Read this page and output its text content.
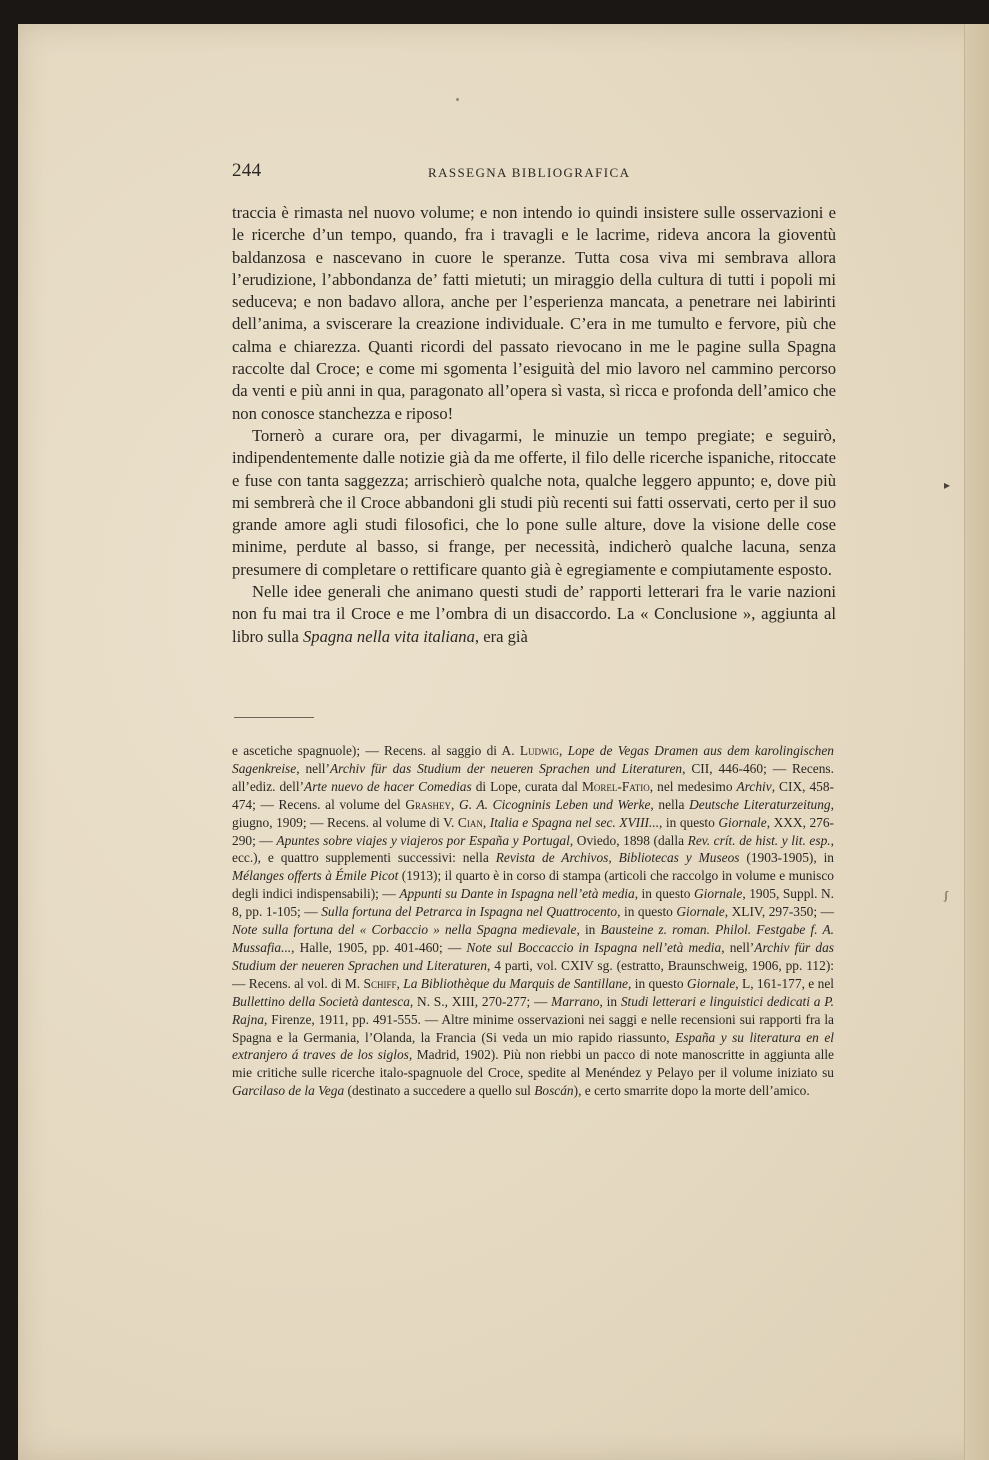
▸
ʃ
244	RASSEGNA BIBLIOGRAFICA

traccia è rimasta nel nuovo volume; e non intendo io quindi insistere sulle osservazioni e le ricerche d’un tempo, quando, fra i travagli e le lacrime, rideva ancora la gioventù baldanzosa e nascevano in cuore le speranze. Tutta cosa viva mi sembrava allora l’erudizione, l’abbondanza de’ fatti mietuti; un miraggio della cultura di tutti i popoli mi seduceva; e non badavo allora, anche per l’esperienza mancata, a penetrare nei labirinti dell’anima, a sviscerare la creazione individuale. C’era in me tumulto e fervore, più che calma e chiarezza. Quanti ricordi del passato rievocano in me le pagine sulla Spagna raccolte dal Croce; e come mi sgomenta l’esiguità del mio lavoro nel cammino percorso da venti e più anni in qua, paragonato all’opera sì vasta, sì ricca e profonda dell’amico che non conosce stanchezza e riposo!

Tornerò a curare ora, per divagarmi, le minuzie un tempo pregiate; e seguirò, indipendentemente dalle notizie già da me offerte, il filo delle ricerche ispaniche, ritoccate e fuse con tanta saggezza; arrischierò qualche nota, qualche leggero appunto; e, dove più mi sembrerà che il Croce abbandoni gli studi più recenti sui fatti osservati, certo per il suo grande amore agli studi filosofici, che lo pone sulle alture, dove la visione delle cose minime, perdute al basso, si frange, per necessità, indicherò qualche lacuna, senza presumere di completare o rettificare quanto già è egregiamente e compiutamente esposto.

Nelle idee generali che animano questi studi de’ rapporti letterari fra le varie nazioni non fu mai tra il Croce e me l’ombra di un disaccordo. La « Conclusione », aggiunta al libro sulla Spagna nella vita italiana, era già

e ascetiche spagnuole); — Recens. al saggio di A. Ludwig, Lope de Vegas Dramen aus dem karolingischen Sagenkreise, nell’Archiv für das Studium der neueren Sprachen und Literaturen, CII, 446-460; — Recens. all’ediz. dell’Arte nuevo de hacer Comedias di Lope, curata dal Morel-Fatio, nel medesimo Archiv, CIX, 458-474; — Recens. al volume del Grashey, G. A. Cicogninis Leben und Werke, nella Deutsche Literaturzeitung, giugno, 1909; — Recens. al volume di V. Cian, Italia e Spagna nel sec. XVIII..., in questo Giornale, XXX, 276-290; — Apuntes sobre viajes y viajeros por España y Portugal, Oviedo, 1898 (dalla Rev. crít. de hist. y lit. esp., ecc.), e quattro supplementi successivi: nella Revista de Archivos, Bibliotecas y Museos (1903-1905), in Mélanges offerts à Émile Picot (1913); il quarto è in corso di stampa (articoli che raccolgo in volume e munisco degli indici indispensabili); — Appunti su Dante in Ispagna nell’età media, in questo Giornale, 1905, Suppl. N. 8, pp. 1-105; — Sulla fortuna del Petrarca in Ispagna nel Quattrocento, in questo Giornale, XLIV, 297-350; — Note sulla fortuna del « Corbaccio » nella Spagna medievale, in Bausteine z. roman. Philol. Festgabe f. A. Mussafia..., Halle, 1905, pp. 401-460; — Note sul Boccaccio in Ispagna nell’età media, nell’Archiv für das Studium der neueren Sprachen und Literaturen, 4 parti, vol. CXIV sg. (estratto, Braunschweig, 1906, pp. 112): — Recens. al vol. di M. Schiff, La Bibliothèque du Marquis de Santillane, in questo Giornale, L, 161-177, e nel Bullettino della Società dantesca, N. S., XIII, 270-277; — Marrano, in Studi letterari e linguistici dedicati a P. Rajna, Firenze, 1911, pp. 491-555. — Altre minime osservazioni nei saggi e nelle recensioni sui rapporti fra la Spagna e la Germania, l’Olanda, la Francia (Si veda un mio rapido riassunto, España y su literatura en el extranjero á traves de los siglos, Madrid, 1902). Più non riebbi un pacco di note manoscritte in aggiunta alle mie critiche sulle ricerche italo-spagnuole del Croce, spedite al Menéndez y Pelayo per il volume iniziato su Garcilaso de la Vega (destinato a succedere a quello sul Boscán), e certo smarrite dopo la morte dell’amico.
